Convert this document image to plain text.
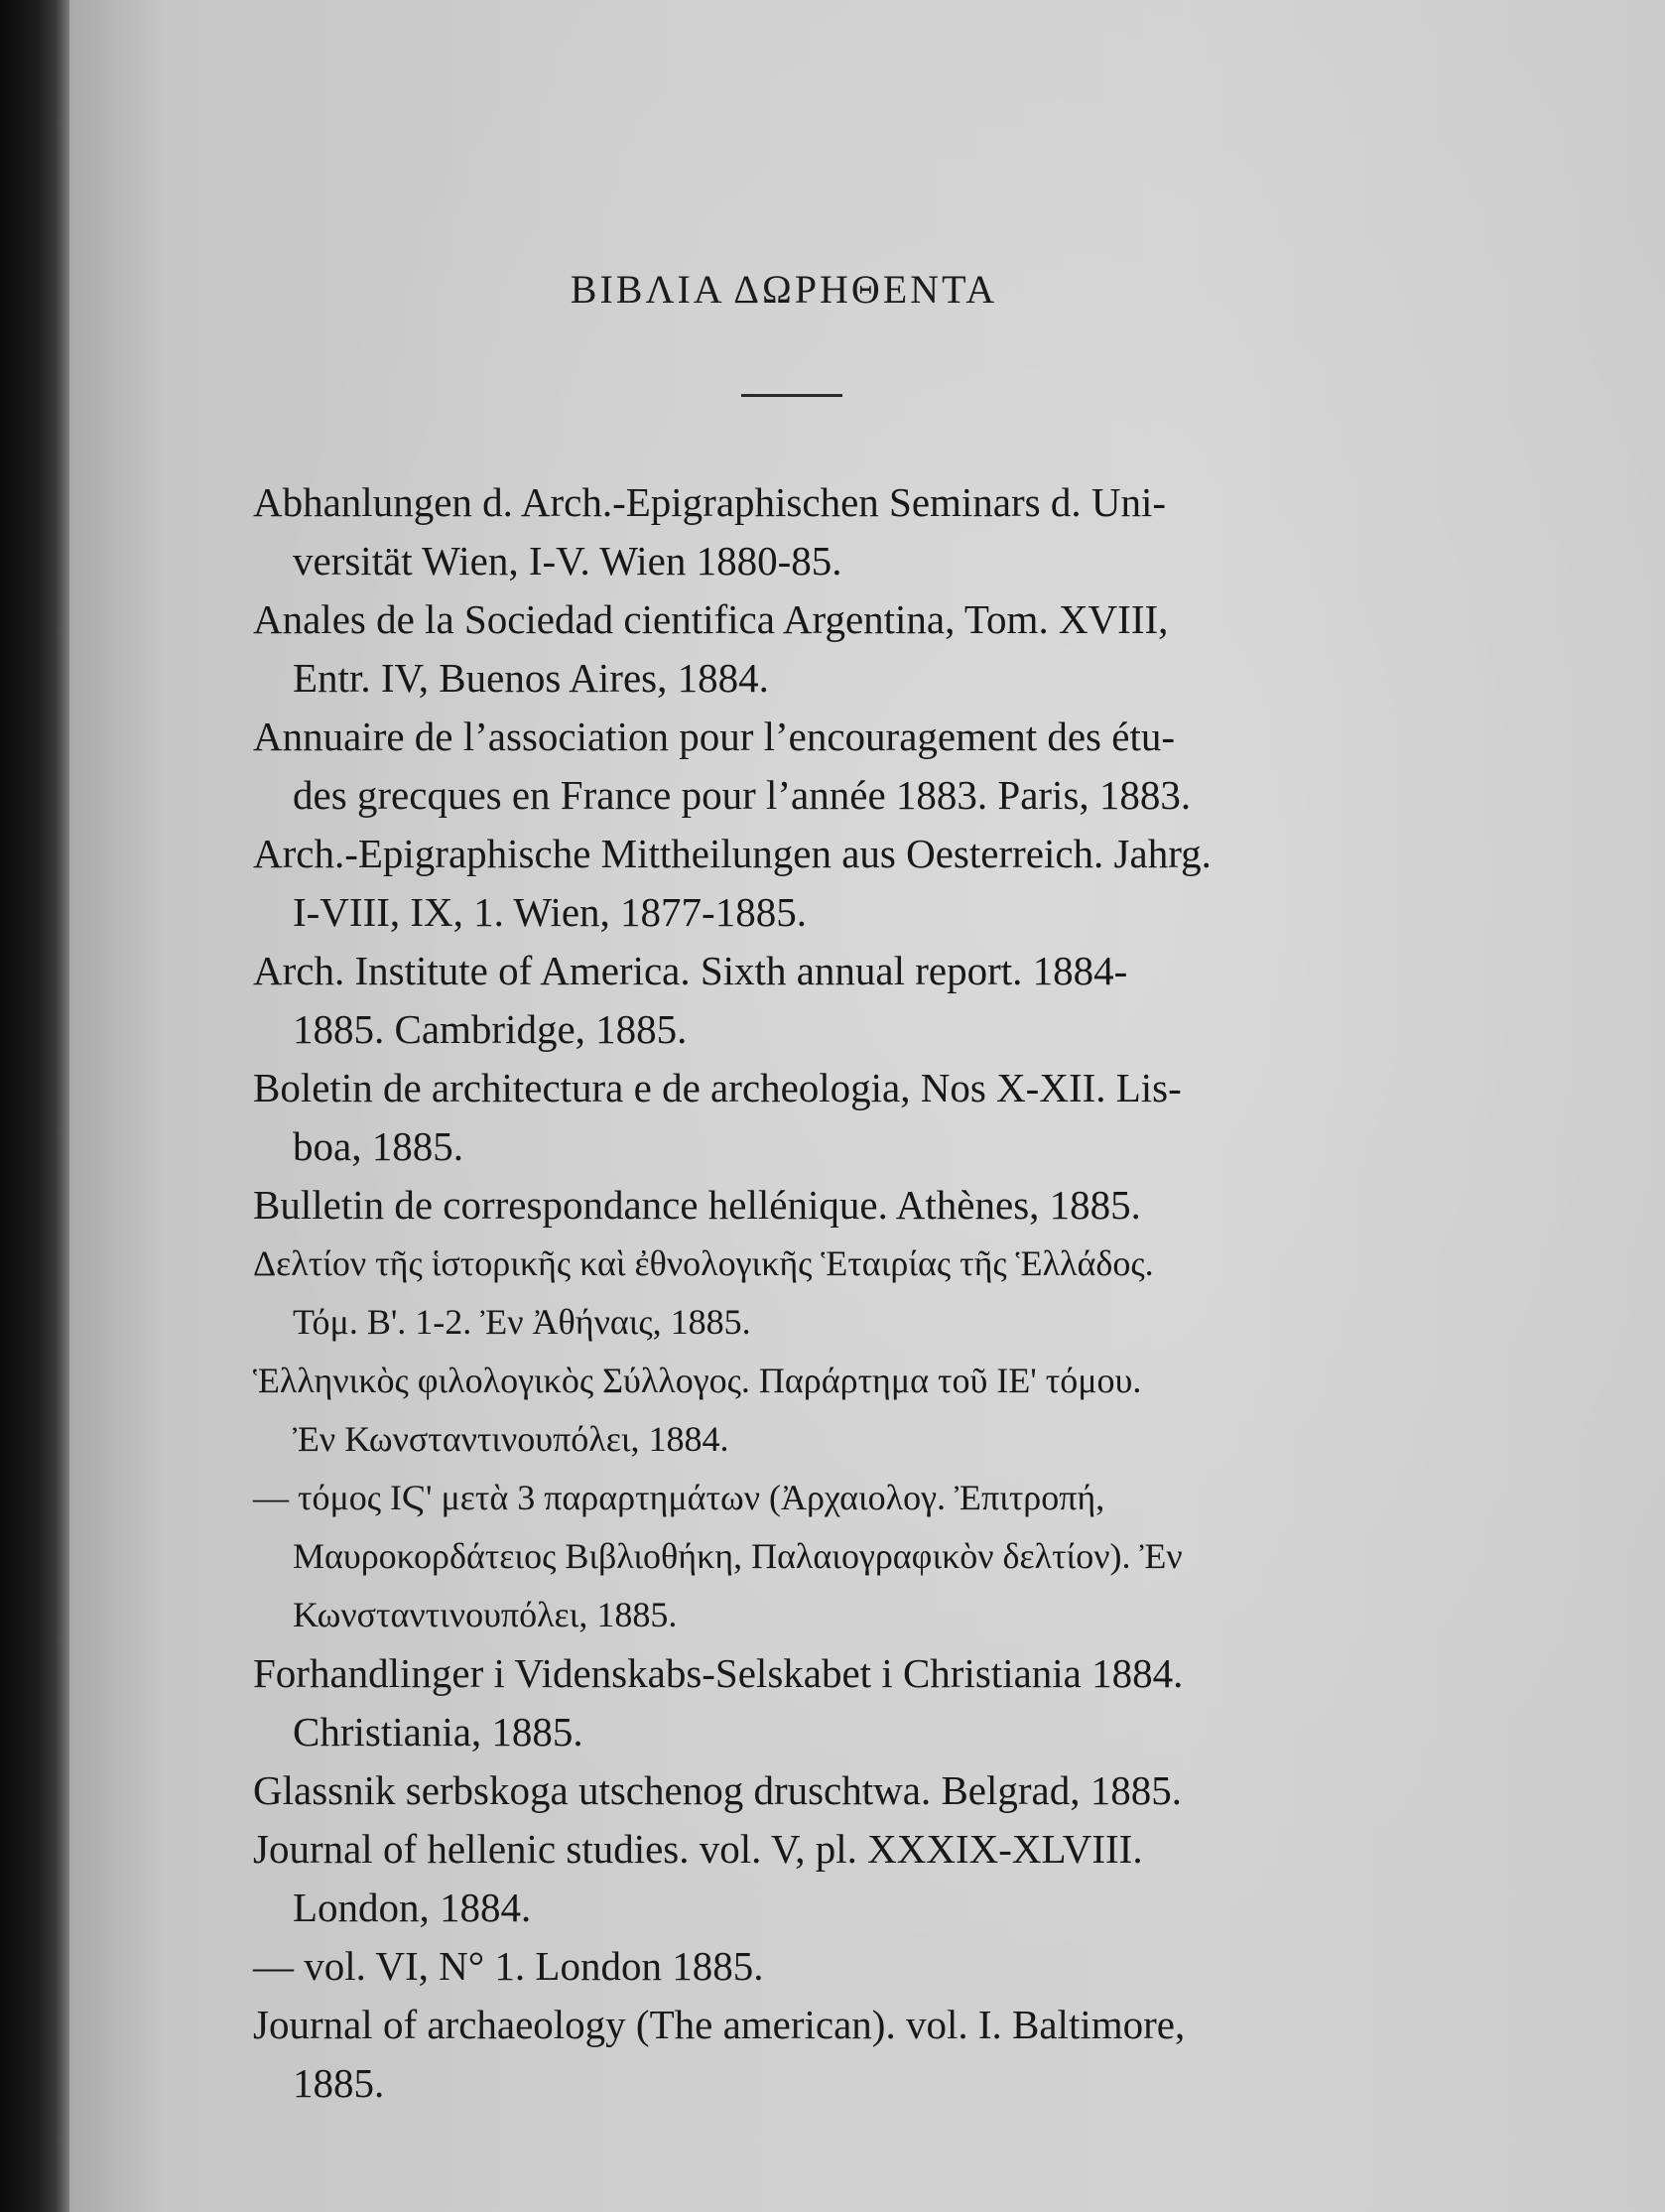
ΒΙΒΛΙΑ ΔΩΡΗΘΕΝΤΑ
Abhanlungen d. Arch.-Epigraphischen Seminars d. Uni-
versität Wien, I-V. Wien 1880-85.
Anales de la Sociedad cientifica Argentina, Tom. XVIII,
Entr. IV, Buenos Aires, 1884.
Annuaire de l’association pour l’encouragement des étu-
des grecques en France pour l’année 1883. Paris, 1883.
Arch.-Epigraphische Mittheilungen aus Oesterreich. Jahrg.
I-VIII, IX, 1. Wien, 1877-1885.
Arch. Institute of America. Sixth annual report. 1884-
1885. Cambridge, 1885.
Boletin de architectura e de archeologia, Nos X-XII. Lis-
boa, 1885.
Bulletin de correspondance hellénique. Athènes, 1885.
Δελτίον τῆς ἱστορικῆς καὶ ἐθνολογικῆς Ἑταιρίας τῆς Ἑλλάδος.
Τόμ. Β'. 1-2. Ἐν Ἀθήναις, 1885.
Ἑλληνικὸς φιλολογικὸς Σύλλογος. Παράρτημα τοῦ ΙΕ' τόμου.
Ἐν Κωνσταντινουπόλει, 1884.
— τόμος ΙϚ' μετὰ 3 παραρτημάτων (Ἀρχαιολογ. Ἐπιτροπή,
Μαυροκορδάτειος Βιβλιοθήκη, Παλαιογραφικὸν δελτίον). Ἐν
Κωνσταντινουπόλει, 1885.
Forhandlinger i Videnskabs-Selskabet i Christiania 1884.
Christiania, 1885.
Glassnik serbskoga utschenog druschtwa. Belgrad, 1885.
Journal of hellenic studies. vol. V, pl. XXXIX-XLVIII.
London, 1884.
— vol. VI, N° 1. London 1885.
Journal of archaeology (The american). vol. I. Baltimore,
1885.
